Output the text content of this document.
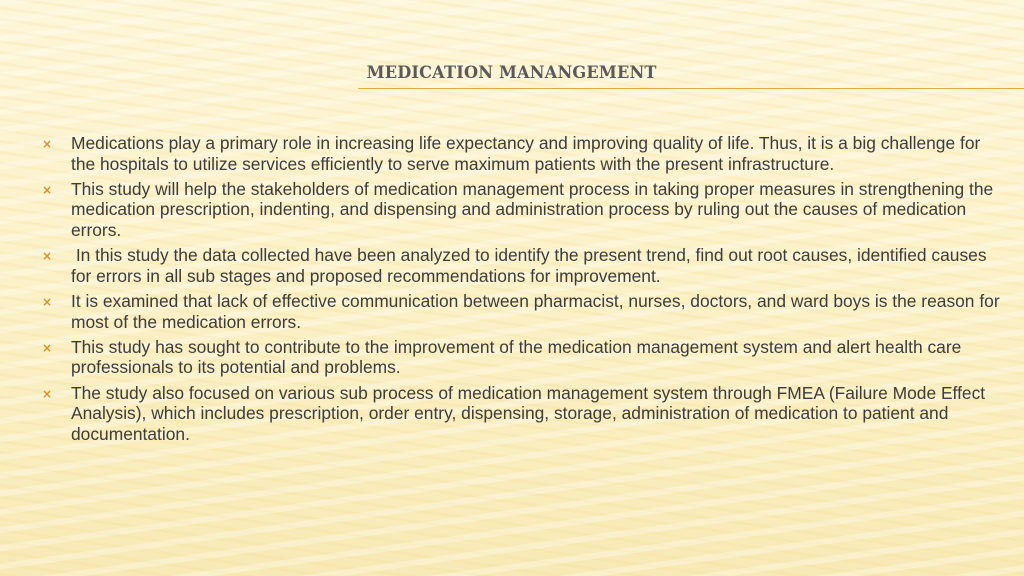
MEDICATION MANANGEMENT
× Medications play a primary role in increasing life expectancy and improving quality of life. Thus, it is a big challenge for the hospitals to utilize services efficiently to serve maximum patients with the present infrastructure.
× This study will help the stakeholders of medication management process in taking proper measures in strengthening the medication prescription, indenting, and dispensing and administration process by ruling out the causes of medication errors.
× In this study the data collected have been analyzed to identify the present trend, find out root causes, identified causes for errors in all sub stages and proposed recommendations for improvement.
× It is examined that lack of effective communication between pharmacist, nurses, doctors, and ward boys is the reason for most of the medication errors.
× This study has sought to contribute to the improvement of the medication management system and alert health care professionals to its potential and problems.
× The study also focused on various sub process of medication management system through FMEA (Failure Mode Effect Analysis), which includes prescription, order entry, dispensing, storage, administration of medication to patient and documentation.
